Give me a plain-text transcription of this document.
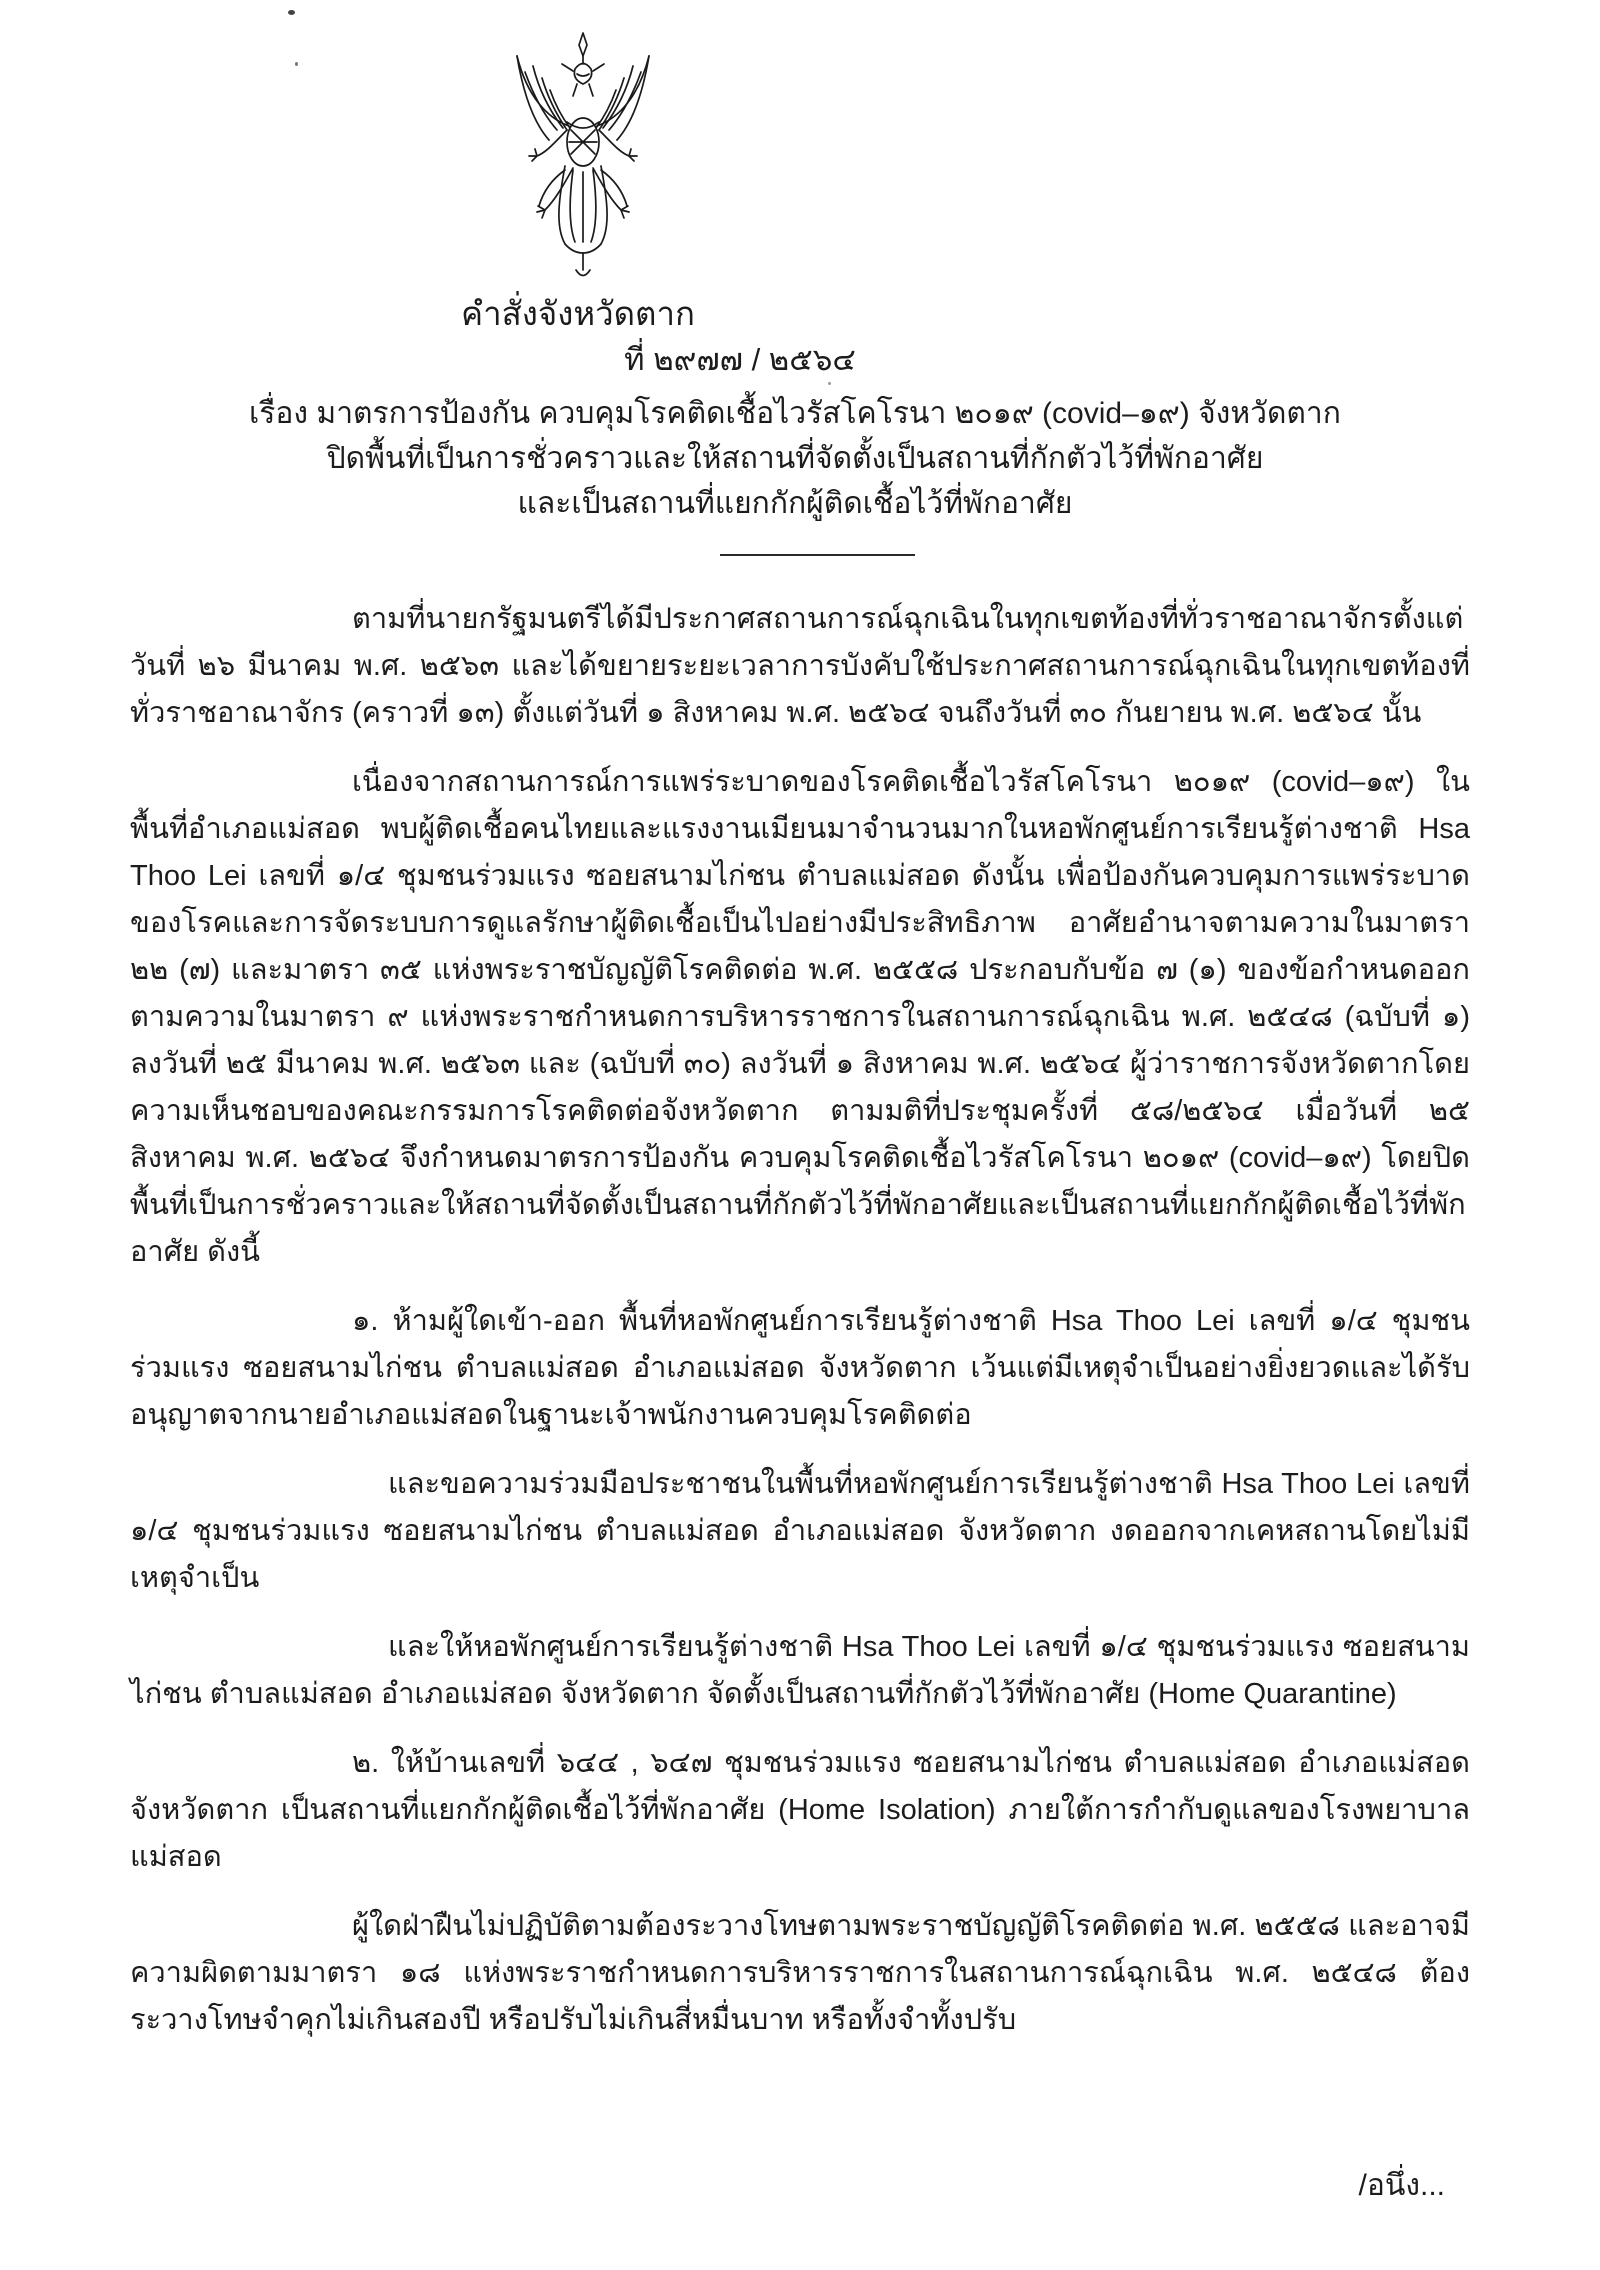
คำสั่งจังหวัดตาก
ที่ ๒๙๗๗ / ๒๕๖๔
เรื่อง มาตรการป้องกัน ควบคุมโรคติดเชื้อไวรัสโคโรนา ๒๐๑๙ (covid–๑๙) จังหวัดตาก
ปิดพื้นที่เป็นการชั่วคราวและให้สถานที่จัดตั้งเป็นสถานที่กักตัวไว้ที่พักอาศัย
และเป็นสถานที่แยกกักผู้ติดเชื้อไว้ที่พักอาศัย

ตามที่นายกรัฐมนตรีได้มีประกาศสถานการณ์ฉุกเฉินในทุกเขตท้องที่ทั่วราชอาณาจักรตั้งแต่วันที่ ๒๖ มีนาคม พ.ศ. ๒๕๖๓ และได้ขยายระยะเวลาการบังคับใช้ประกาศสถานการณ์ฉุกเฉินในทุกเขตท้องที่ทั่วราชอาณาจักร (คราวที่ ๑๓) ตั้งแต่วันที่ ๑ สิงหาคม พ.ศ. ๒๕๖๔ จนถึงวันที่ ๓๐ กันยายน พ.ศ. ๒๕๖๔ นั้น

เนื่องจากสถานการณ์การแพร่ระบาดของโรคติดเชื้อไวรัสโคโรนา ๒๐๑๙ (covid–๑๙) ในพื้นที่อำเภอแม่สอด พบผู้ติดเชื้อคนไทยและแรงงานเมียนมาจำนวนมากในหอพักศูนย์การเรียนรู้ต่างชาติ Hsa Thoo Lei เลขที่ ๑/๔ ชุมชนร่วมแรง ซอยสนามไก่ชน ตำบลแม่สอด ดังนั้น เพื่อป้องกันควบคุมการแพร่ระบาดของโรคและการจัดระบบการดูแลรักษาผู้ติดเชื้อเป็นไปอย่างมีประสิทธิภาพ อาศัยอำนาจตามความในมาตรา ๒๒ (๗) และมาตรา ๓๕ แห่งพระราชบัญญัติโรคติดต่อ พ.ศ. ๒๕๕๘ ประกอบกับข้อ ๗ (๑) ของข้อกำหนดออกตามความในมาตรา ๙ แห่งพระราชกำหนดการบริหารราชการในสถานการณ์ฉุกเฉิน พ.ศ. ๒๕๔๘ (ฉบับที่ ๑) ลงวันที่ ๒๕ มีนาคม พ.ศ. ๒๕๖๓ และ (ฉบับที่ ๓๐) ลงวันที่ ๑ สิงหาคม พ.ศ. ๒๕๖๔ ผู้ว่าราชการจังหวัดตากโดยความเห็นชอบของคณะกรรมการโรคติดต่อจังหวัดตาก ตามมติที่ประชุมครั้งที่ ๕๘/๒๕๖๔ เมื่อวันที่ ๒๕ สิงหาคม พ.ศ. ๒๕๖๔ จึงกำหนดมาตรการป้องกัน ควบคุมโรคติดเชื้อไวรัสโคโรนา ๒๐๑๙ (covid–๑๙) โดยปิดพื้นที่เป็นการชั่วคราวและให้สถานที่จัดตั้งเป็นสถานที่กักตัวไว้ที่พักอาศัยและเป็นสถานที่แยกกักผู้ติดเชื้อไว้ที่พักอาศัย ดังนี้

๑. ห้ามผู้ใดเข้า-ออก พื้นที่หอพักศูนย์การเรียนรู้ต่างชาติ Hsa Thoo Lei เลขที่ ๑/๔ ชุมชนร่วมแรง ซอยสนามไก่ชน ตำบลแม่สอด อำเภอแม่สอด จังหวัดตาก เว้นแต่มีเหตุจำเป็นอย่างยิ่งยวดและได้รับอนุญาตจากนายอำเภอแม่สอดในฐานะเจ้าพนักงานควบคุมโรคติดต่อ

และขอความร่วมมือประชาชนในพื้นที่หอพักศูนย์การเรียนรู้ต่างชาติ Hsa Thoo Lei เลขที่ ๑/๔ ชุมชนร่วมแรง ซอยสนามไก่ชน ตำบลแม่สอด อำเภอแม่สอด จังหวัดตาก งดออกจากเคหสถานโดยไม่มีเหตุจำเป็น

และให้หอพักศูนย์การเรียนรู้ต่างชาติ Hsa Thoo Lei เลขที่ ๑/๔ ชุมชนร่วมแรง ซอยสนามไก่ชน ตำบลแม่สอด อำเภอแม่สอด จังหวัดตาก จัดตั้งเป็นสถานที่กักตัวไว้ที่พักอาศัย (Home Quarantine)

๒. ให้บ้านเลขที่ ๖๔๔ , ๖๔๗ ชุมชนร่วมแรง ซอยสนามไก่ชน ตำบลแม่สอด อำเภอแม่สอด จังหวัดตาก เป็นสถานที่แยกกักผู้ติดเชื้อไว้ที่พักอาศัย (Home Isolation) ภายใต้การกำกับดูแลของโรงพยาบาลแม่สอด

ผู้ใดฝ่าฝืนไม่ปฏิบัติตามต้องระวางโทษตามพระราชบัญญัติโรคติดต่อ พ.ศ. ๒๕๕๘ และอาจมีความผิดตามมาตรา ๑๘ แห่งพระราชกำหนดการบริหารราชการในสถานการณ์ฉุกเฉิน พ.ศ. ๒๕๔๘ ต้องระวางโทษจำคุกไม่เกินสองปี หรือปรับไม่เกินสี่หมื่นบาท หรือทั้งจำทั้งปรับ

/อนึ่ง...
